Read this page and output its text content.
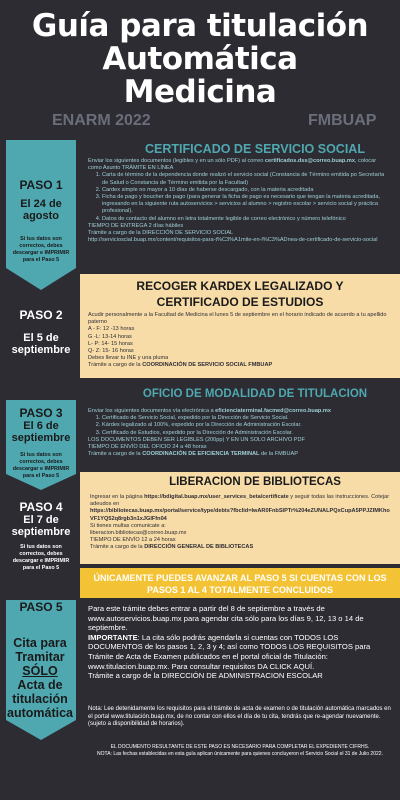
Guía para titulación
Automática
Medicina
ENARM 2022	FMBUAP
PASO 1
El 24 de agosto
Si tus datos son correctos, debes descargar e IMPRIMIR para el Paso 5
CERTIFICADO DE SERVICIO SOCIAL
Enviar los siguientes documentos (legibles y en un sólo PDF) al correo certificados.dss@correo.buap.mx, colocar como Asunto TRÁMITE EN LÍNEA
1. Carta de término de la dependencia donde realizó el servicio social (Constancia de Término emitida po Secretaría de Salud o Constancia de Término emitida por la Facultad)
2. Cardex simple no mayor a 10 días de haberse descargado, con la materia acreditada
3. Ficha de pago y boucher de pago (para generar la ficha de pago es necesario que tengan la materia acreditada, ingresando en la siguiente ruta autoservicios > servicios al alumno > registro escolar > servicio social y práctica profesional).
4. Datos de contacto del alumno en letra totalmente legible de correo electrónico y número telefónico
TIEMPO DE ENTREGA 2 días hábiles
Trámite a cargo de la DIRECCIÓN DE SERVICIO SOCIAL
http://servicioscial.buap.mx/content/requisitos-para-t%C3%A1mite-en-l%C3%ADnea-de-certificado-de-servicio-social
PASO 2
El 5 de septiembre
RECOGER KARDEX LEGALIZADO Y
CERTIFICADO DE ESTUDIOS
Acudir personalmente a la Facultad de Medicina el lunes 5 de septiembre en el horario indicado de acuerdo a tu apellido paterno
A - F: 12 -13 horas
G -L: 13-14 horas
L- P: 14- 15 horas
Q- Z: 15- 16 horas
Debes llevar tu INE y una pluma
Trámite a cargo de la COORDINACIÓN DE SERVICIO SOCIAL FMBUAP
PASO 3
El 6 de septiembre
Si tus datos son correctos, debes descargar e IMPRIMIR para el Paso 5
OFICIO DE MODALIDAD DE TITULACION
Enviar los siguientes documentos vía electrónica a eficienciaterminal.facmed@correo.buap.mx
1. Certificado de Servicio Social, expedido por la Dirección de Servicio Social.
2. Kárdex legalizado al 100%, expedido por la Dirección de Administración Escolar.
3. Certificado de Estudios, expedido por la Dirección de Administración Escolar.
LOS DOCUMENTOS DEBEN SER LEGIBLES (200pp) Y EN UN SOLO ARCHIVO PDF
TIEMPO DE ENVÍO DEL OFICIO 24 a 48 horas
Trámite a cargo de la COORDINACIÓN DE EFICIENCIA TERMINAL de la FMBUAP
PASO 4
El 7 de septiembre
Si tus datos son correctos, debes descargar e IMPRIMIR para el Paso 5
LIBERACION DE BIBLIOTECAS
Ingresar en la página https://bdigital.buap.mx/user_services_beta/certificate y seguir todas las instrucciones. Cotejar adeudos en
https://bibliotecas.buap.mx/portal/service/type/debts?fbclid=IwAR0FnbSIPTr%204eZUNALPQxCupA5PPJZIMKhoVF1YQ52q8rgb3n1xJGIFfn04
Si tienes multas comunicate a:
liberacion.bibliotecas@correo.buap.mx
TIEMPO DE ENVÍO 12 a 24 horas
Trámite a cargo de la DIRECCIÓN GENERAL DE BIBLIOTECAS
ÚNICAMENTE PUEDES AVANZAR AL PASO 5 SI CUENTAS CON LOS PASOS 1 AL 4 TOTALMENTE CONCLUIDOS
PASO 5
Cita para
Tramitar
SÓLO
Acta de
titulación
automática
Para este trámite debes entrar a partir del 8 de septiembre a través de www.autoservicios.buap.mx para agendar cita sólo para los días 9, 12, 13 o 14 de septiembre.
IMPORTANTE: La cita sólo podrás agendarla si cuentas con TODOS LOS DOCUMENTOS de los pasos 1, 2, 3 y 4; así como TODOS LOS REQUISITOS para Trámite de Acta de Examen publicados en el portal oficial de Titulación: www.titulacion.buap.mx. Para consultar requisitos DA CLICK AQUÍ.
Trámite a cargo de la DIRECCIÓN DE ADMINISTRACION ESCOLAR
Nota: Lee detenidamente los requisitos para el trámite de acta de examen o de titulación automática marcados en el portal www.titulación.buap.mx, de no contar con ellos el día de tu cita, tendrás que re-agendar nuevamente. (sujeto a disponibilidad de horarios).
EL DOCUMENTO RESULTANTE DE ESTE PASO ES NECESARIO PARA COMPLETAR EL EXPEDIENTE CIFRHS.
NOTA: Las fechas establecidas en esta guía aplican únicamente para quienes concluyeron el Servicio Social el 31 de Julio 2022.
